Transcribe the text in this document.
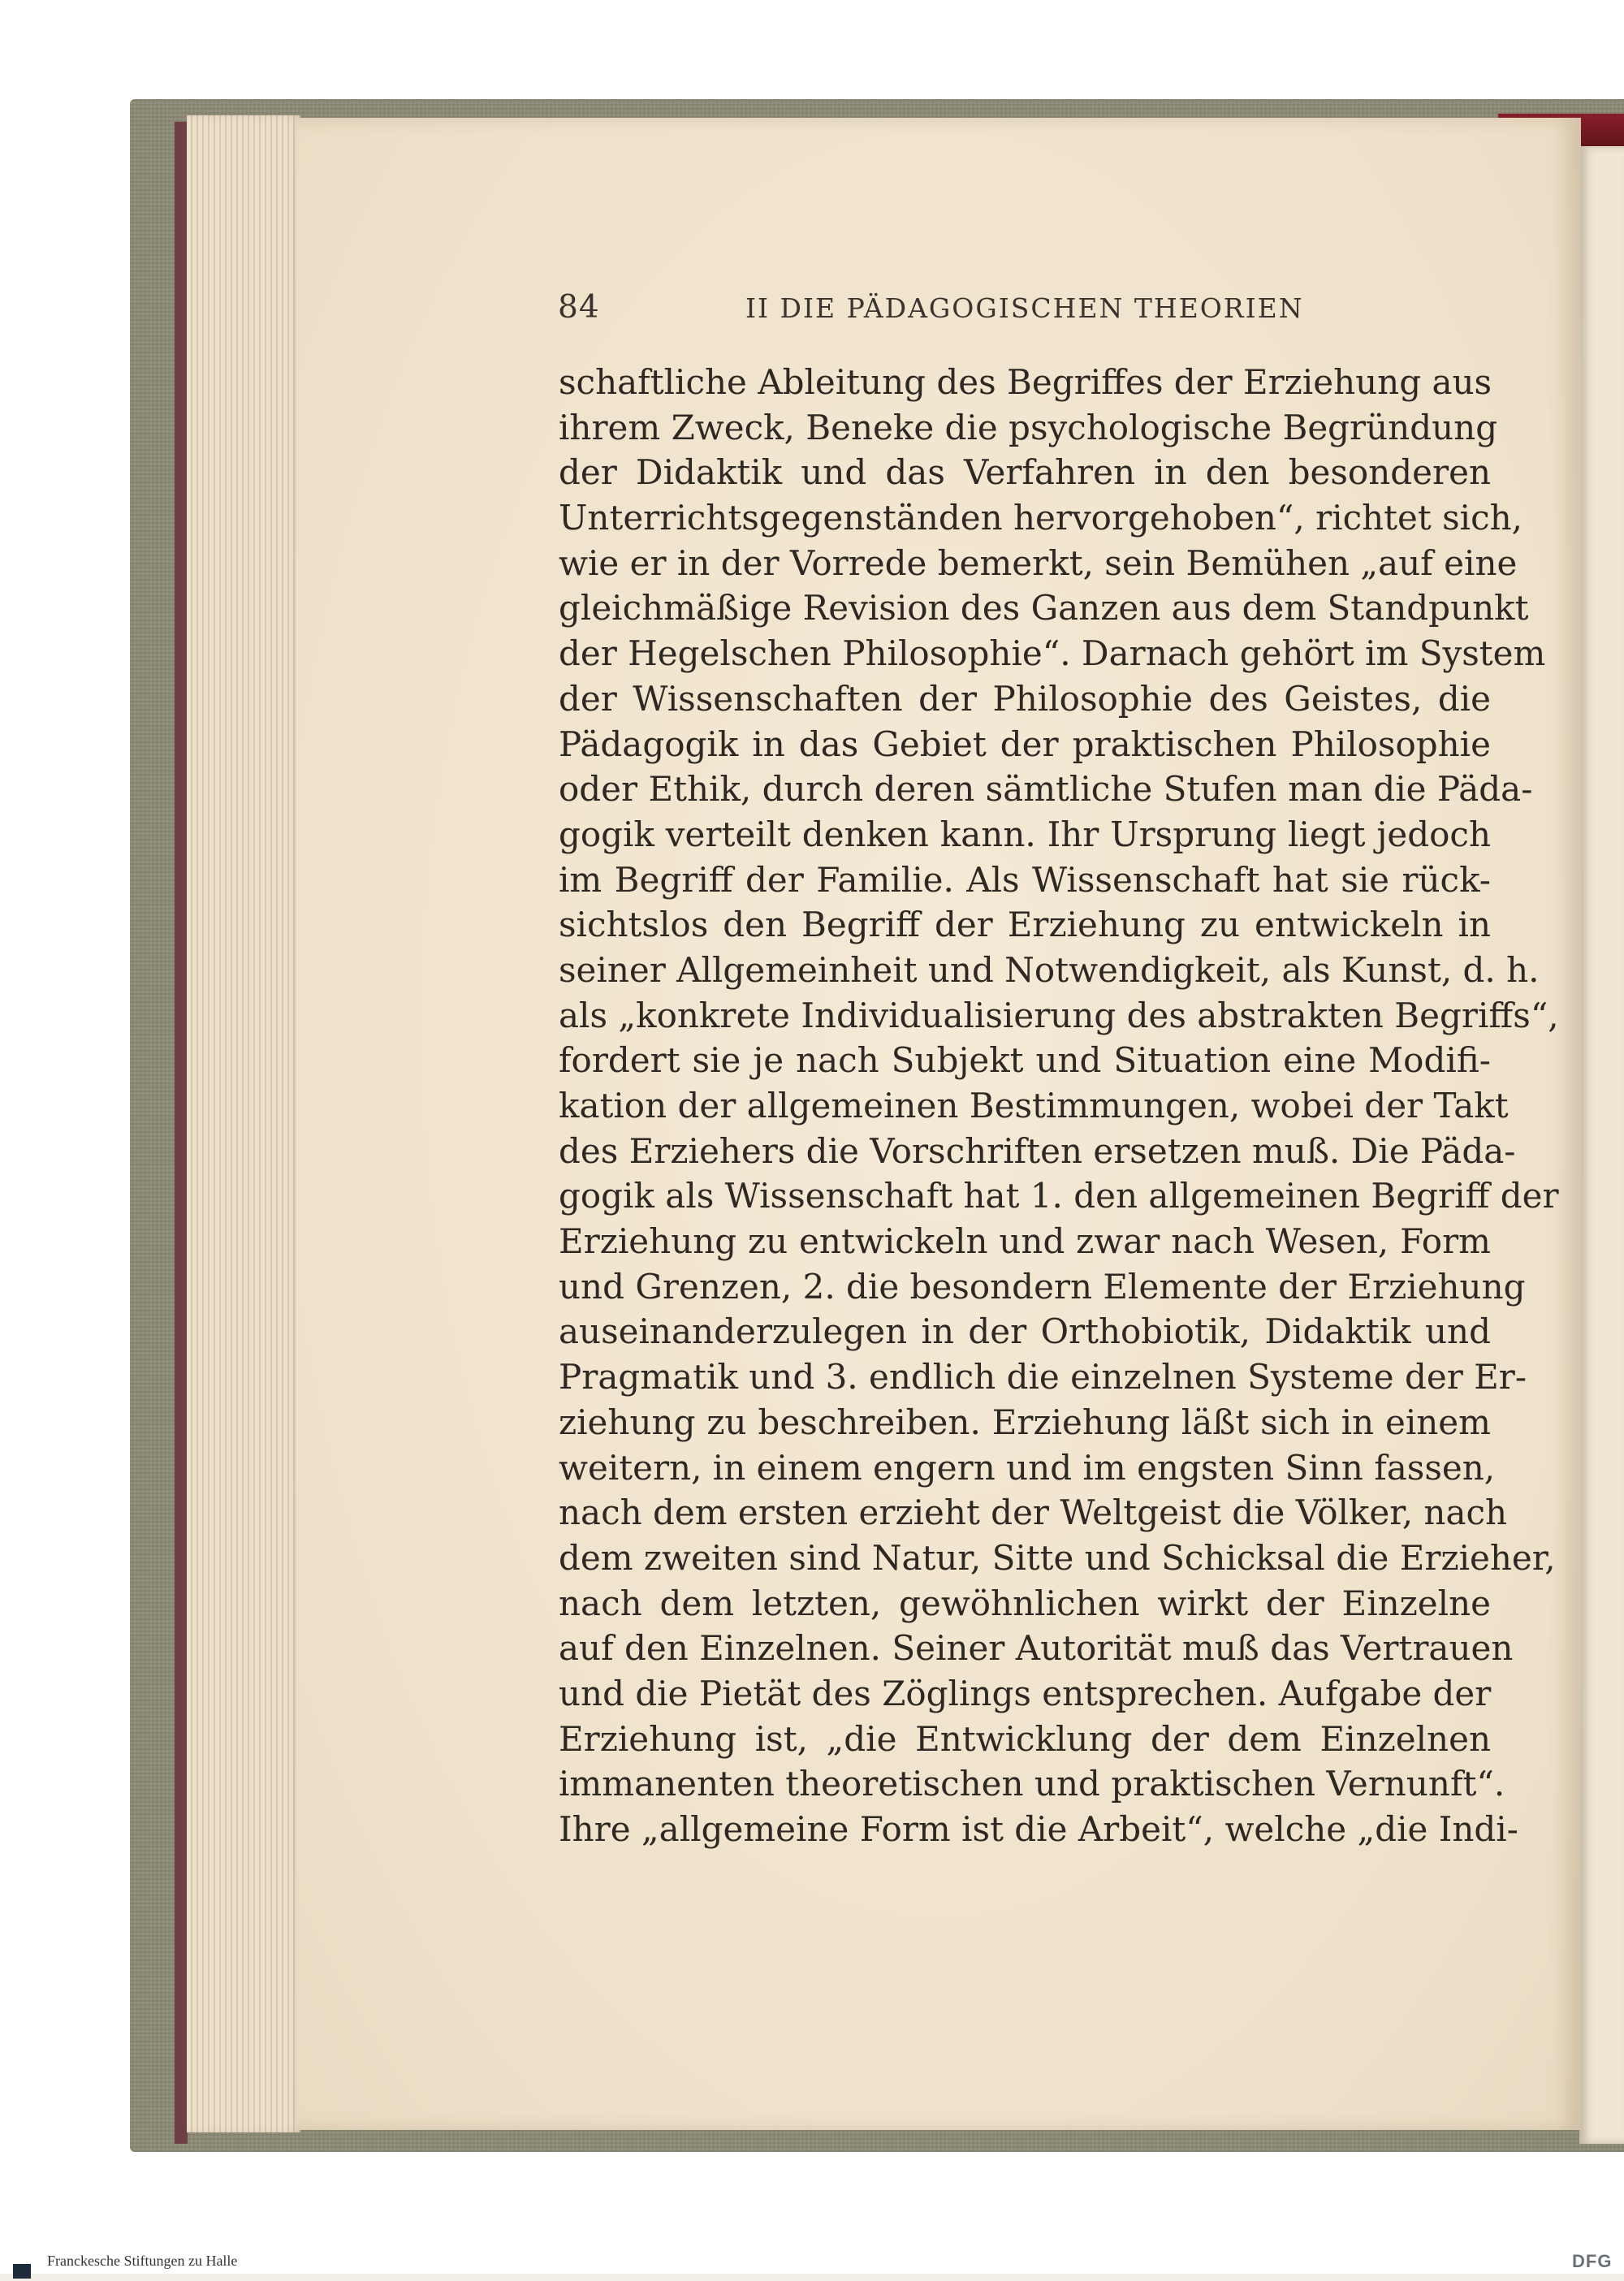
84	II DIE PÄDAGOGISCHEN THEORIEN
schaftliche Ableitung des Begriffes der Erziehung aus
ihrem Zweck, Beneke die psychologische Begründung
der Didaktik und das Verfahren in den besonderen
Unterrichtsgegenständen hervorgehoben“, richtet sich,
wie er in der Vorrede bemerkt, sein Bemühen „auf eine
gleichmäßige Revision des Ganzen aus dem Standpunkt
der Hegelschen Philosophie“. Darnach gehört im System
der Wissenschaften der Philosophie des Geistes, die
Pädagogik in das Gebiet der praktischen Philosophie
oder Ethik, durch deren sämtliche Stufen man die Päda-
gogik verteilt denken kann. Ihr Ursprung liegt jedoch
im Begriff der Familie. Als Wissenschaft hat sie rück-
sichtslos den Begriff der Erziehung zu entwickeln in
seiner Allgemeinheit und Notwendigkeit, als Kunst, d. h.
als „konkrete Individualisierung des abstrakten Begriffs“,
fordert sie je nach Subjekt und Situation eine Modifi-
kation der allgemeinen Bestimmungen, wobei der Takt
des Erziehers die Vorschriften ersetzen muß. Die Päda-
gogik als Wissenschaft hat 1. den allgemeinen Begriff der
Erziehung zu entwickeln und zwar nach Wesen, Form
und Grenzen, 2. die besondern Elemente der Erziehung
auseinanderzulegen in der Orthobiotik, Didaktik und
Pragmatik und 3. endlich die einzelnen Systeme der Er-
ziehung zu beschreiben. Erziehung läßt sich in einem
weitern, in einem engern und im engsten Sinn fassen,
nach dem ersten erzieht der Weltgeist die Völker, nach
dem zweiten sind Natur, Sitte und Schicksal die Erzieher,
nach dem letzten, gewöhnlichen wirkt der Einzelne
auf den Einzelnen. Seiner Autorität muß das Vertrauen
und die Pietät des Zöglings entsprechen. Aufgabe der
Erziehung ist, „die Entwicklung der dem Einzelnen
immanenten theoretischen und praktischen Vernunft“.
Ihre „allgemeine Form ist die Arbeit“, welche „die Indi-
Franckesche Stiftungen zu Halle	DFG
